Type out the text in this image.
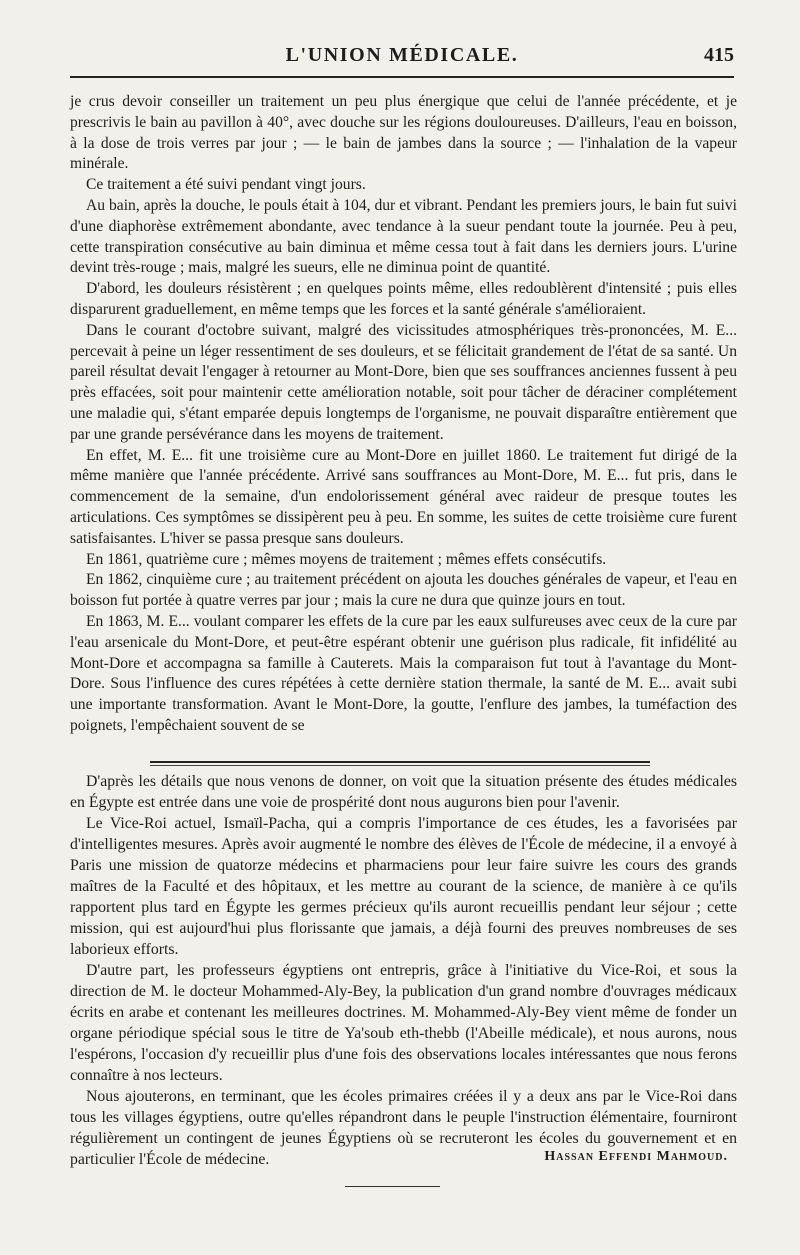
L'UNION MÉDICALE.	415

je crus devoir conseiller un traitement un peu plus énergique que celui de l'année précédente, et je prescrivis le bain au pavillon à 40°, avec douche sur les régions douloureuses. D'ailleurs, l'eau en boisson, à la dose de trois verres par jour ; — le bain de jambes dans la source ; — l'inhalation de la vapeur minérale.

Ce traitement a été suivi pendant vingt jours.

Au bain, après la douche, le pouls était à 104, dur et vibrant. Pendant les premiers jours, le bain fut suivi d'une diaphorèse extrêmement abondante, avec tendance à la sueur pendant toute la journée. Peu à peu, cette transpiration consécutive au bain diminua et même cessa tout à fait dans les derniers jours. L'urine devint très-rouge ; mais, malgré les sueurs, elle ne diminua point de quantité.

D'abord, les douleurs résistèrent ; en quelques points même, elles redoublèrent d'intensité ; puis elles disparurent graduellement, en même temps que les forces et la santé générale s'amélioraient.

Dans le courant d'octobre suivant, malgré des vicissitudes atmosphériques très-prononcées, M. E... percevait à peine un léger ressentiment de ses douleurs, et se félicitait grandement de l'état de sa santé. Un pareil résultat devait l'engager à retourner au Mont-Dore, bien que ses souffrances anciennes fussent à peu près effacées, soit pour maintenir cette amélioration notable, soit pour tâcher de déraciner complétement une maladie qui, s'étant emparée depuis longtemps de l'organisme, ne pouvait disparaître entièrement que par une grande persévérance dans les moyens de traitement.

En effet, M. E... fit une troisième cure au Mont-Dore en juillet 1860. Le traitement fut dirigé de la même manière que l'année précédente. Arrivé sans souffrances au Mont-Dore, M. E... fut pris, dans le commencement de la semaine, d'un endolorissement général avec raideur de presque toutes les articulations. Ces symptômes se dissipèrent peu à peu. En somme, les suites de cette troisième cure furent satisfaisantes. L'hiver se passa presque sans douleurs.

En 1861, quatrième cure ; mêmes moyens de traitement ; mêmes effets consécutifs.

En 1862, cinquième cure ; au traitement précédent on ajouta les douches générales de vapeur, et l'eau en boisson fut portée à quatre verres par jour ; mais la cure ne dura que quinze jours en tout.

En 1863, M. E... voulant comparer les effets de la cure par les eaux sulfureuses avec ceux de la cure par l'eau arsenicale du Mont-Dore, et peut-être espérant obtenir une guérison plus radicale, fit infidélité au Mont-Dore et accompagna sa famille à Cauterets. Mais la comparaison fut tout à l'avantage du Mont-Dore. Sous l'influence des cures répétées à cette dernière station thermale, la santé de M. E... avait subi une importante transformation. Avant le Mont-Dore, la goutte, l'enflure des jambes, la tuméfaction des poignets, l'empêchaient souvent de se

D'après les détails que nous venons de donner, on voit que la situation présente des études médicales en Égypte est entrée dans une voie de prospérité dont nous augurons bien pour l'avenir.

Le Vice-Roi actuel, Ismaïl-Pacha, qui a compris l'importance de ces études, les a favorisées par d'intelligentes mesures. Après avoir augmenté le nombre des élèves de l'École de médecine, il a envoyé à Paris une mission de quatorze médecins et pharmaciens pour leur faire suivre les cours des grands maîtres de la Faculté et des hôpitaux, et les mettre au courant de la science, de manière à ce qu'ils rapportent plus tard en Égypte les germes précieux qu'ils auront recueillis pendant leur séjour ; cette mission, qui est aujourd'hui plus florissante que jamais, a déjà fourni des preuves nombreuses de ses laborieux efforts.

D'autre part, les professeurs égyptiens ont entrepris, grâce à l'initiative du Vice-Roi, et sous la direction de M. le docteur Mohammed-Aly-Bey, la publication d'un grand nombre d'ouvrages médicaux écrits en arabe et contenant les meilleures doctrines. M. Mohammed-Aly-Bey vient même de fonder un organe périodique spécial sous le titre de Ya'soub eth-thebb (l'Abeille médicale), et nous aurons, nous l'espérons, l'occasion d'y recueillir plus d'une fois des observations locales intéressantes que nous ferons connaître à nos lecteurs.

Nous ajouterons, en terminant, que les écoles primaires créées il y a deux ans par le Vice-Roi dans tous les villages égyptiens, outre qu'elles répandront dans le peuple l'instruction élémentaire, fourniront régulièrement un contingent de jeunes Égyptiens où se recruteront les écoles du gouvernement et en particulier l'École de médecine.	Hassan Effendi Mahmoud.
